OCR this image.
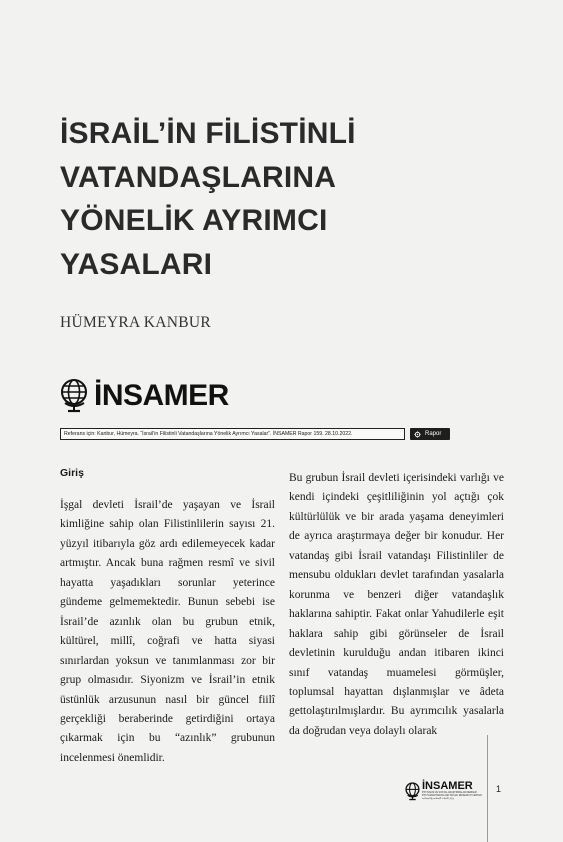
İSRAİL’İN FİLİSTİNLİ
VATANDAŞLARINA
YÖNELİK AYRIMCI
YASALARI
HÜMEYRA KANBUR
İNSAMER
Referans için: Kanbur, Hümeyra. “İsrail’in Filistinli Vatandaşlarına Yönelik Ayrımcı Yasalar”. İNSAMER Rapor 159. 28.10.2022.	Rapor
Giriş

İşgal devleti İsrail’de yaşayan ve İsrail kimliğine sahip olan Filistinlilerin sayısı 21. yüzyıl itibarıyla göz ardı edilemeyecek kadar artmıştır. Ancak buna rağmen resmî ve sivil hayatta yaşadıkları sorunlar yeterince gündeme gelmemektedir. Bunun sebebi ise İsrail’de azınlık olan bu grubun etnik, kültürel, millî, coğrafi ve hatta siyasi sınırlardan yoksun ve tanımlanması zor bir grup olmasıdır. Siyonizm ve İsrail’in etnik üstünlük arzusunun nasıl bir güncel fiilî gerçekliği beraberinde getirdiğini ortaya çıkarmak için bu “azınlık” grubunun incelenmesi önemlidir.

Bu grubun İsrail devleti içerisindeki varlığı ve kendi içindeki çeşitliliğinin yol açtığı çok kültürlülük ve bir arada yaşama deneyimleri de ayrıca araştırmaya değer bir konudur. Her vatandaş gibi İsrail vatandaşı Filistinliler de mensubu oldukları devlet tarafından yasalarla korunma ve benzeri diğer vatandaşlık haklarına sahiptir. Fakat onlar Yahudilerle eşit haklara sahip gibi görünseler de İsrail devletinin kurulduğu andan itibaren ikinci sınıf vatandaş muamelesi görmüşler, toplumsal hayattan dışlanmışlar ve âdeta gettolaştırılmışlardır. Bu ayrımcılık yasalarla da doğrudan veya dolaylı olarak

İNSAMER
İHH İNSANİ VE SOSYAL ARAŞTIRMALAR MERKEZİ
IHH HUMANITARIAN AND SOCIAL RESEARCH CENTER
مركز الأبحاث الإنسانية والاجتماعية
1
